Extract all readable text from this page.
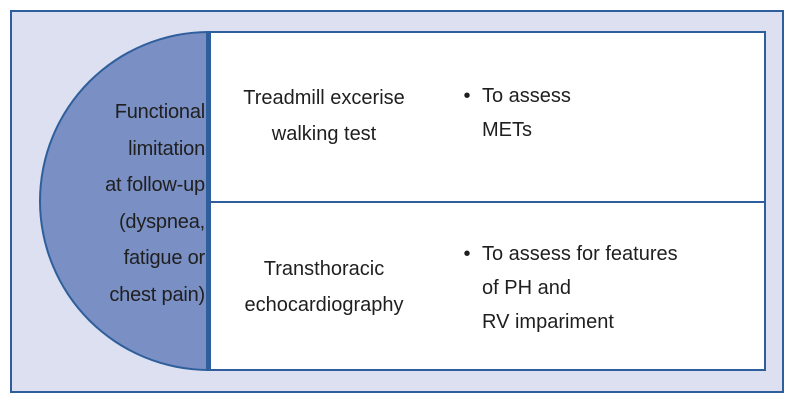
Functional
limitation
at follow-up
(dyspnea,
fatigue or
chest pain)
Treadmill excerise
walking test
• To assess
METs
Transthoracic
echocardiography
• To assess for features
of PH and
RV impariment
